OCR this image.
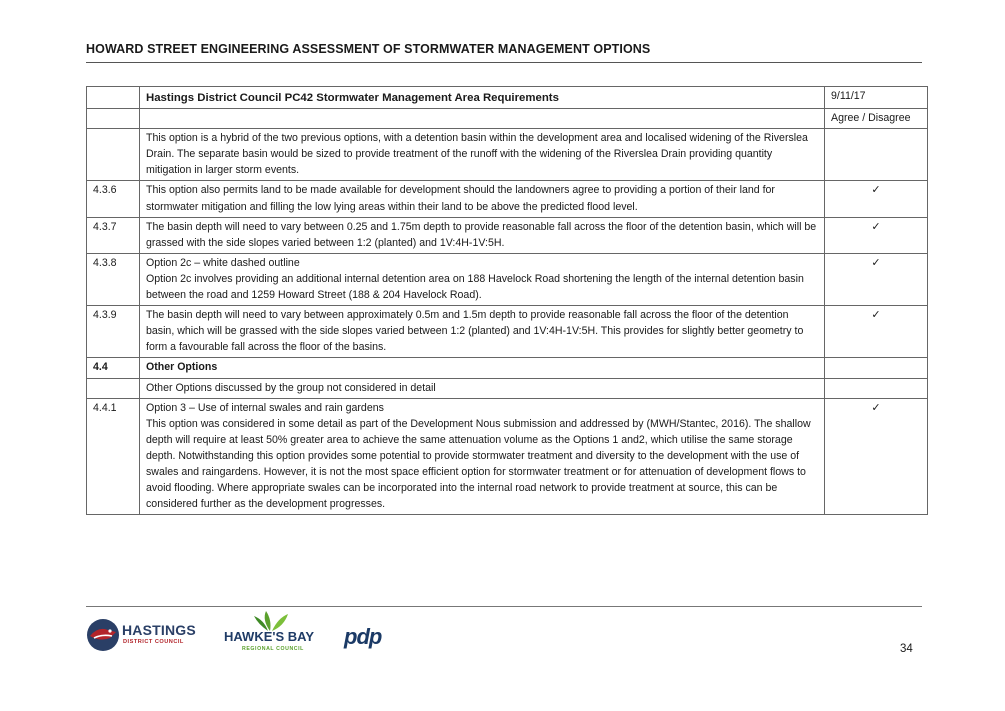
HOWARD STREET ENGINEERING ASSESSMENT OF STORMWATER MANAGEMENT OPTIONS
	Hastings District Council PC42 Stormwater Management Area Requirements	9/11/17
		Agree / Disagree

	This option is a hybrid of the two previous options, with a detention basin within the development area and localised widening of the Riverslea Drain. The separate basin would be sized to provide treatment of the runoff with the widening of the Riverslea Drain providing quantity mitigation in larger storm events.	

4.3.6	This option also permits land to be made available for development should the landowners agree to providing a portion of their land for stormwater mitigation and filling the low lying areas within their land to be above the predicted flood level.	✓
4.3.7	The basin depth will need to vary between 0.25 and 1.75m depth to provide reasonable fall across the floor of the detention basin, which will be grassed with the side slopes varied between 1:2 (planted) and 1V:4H-1V:5H.	✓
4.3.8	Option 2c – white dashed outline
Option 2c involves providing an additional internal detention area on 188 Havelock Road shortening the length of the internal detention basin between the road and 1259 Howard Street (188 & 204 Havelock Road).	✓
4.3.9	The basin depth will need to vary between approximately 0.5m and 1.5m depth to provide reasonable fall across the floor of the detention basin, which will be grassed with the side slopes varied between 1:2 (planted) and 1V:4H-1V:5H. This provides for slightly better geometry to form a favourable fall across the floor of the basins.	✓
4.4	Other Options	

	Other Options discussed by the group not considered in detail	

4.4.1	Option 3 – Use of internal swales and rain gardens
This option was considered in some detail as part of the Development Nous submission and addressed by (MWH/Stantec, 2016). The shallow depth will require at least 50% greater area to achieve the same attenuation volume as the Options 1 and2, which utilise the same storage depth. Notwithstanding this option provides some potential to provide stormwater treatment and diversity to the development with the use of swales and raingardens. However, it is not the most space efficient option for stormwater treatment or for attenuation of development flows to avoid flooding. Where appropriate swales can be incorporated into the internal road network to provide treatment at source, this can be considered further as the development progresses.	✓
HASTINGS
DISTRICT COUNCIL	HAWKE'S BAY
REGIONAL COUNCIL pdp	34
